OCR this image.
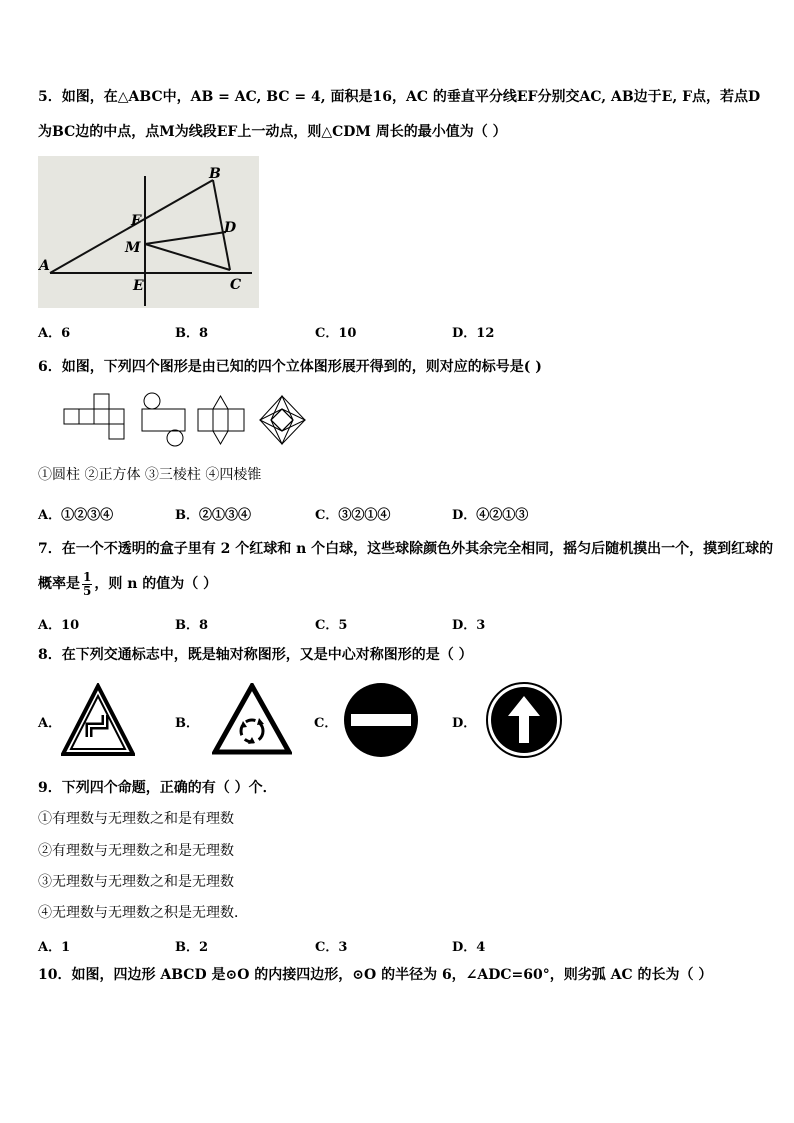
5．如图，在△ABC中，AB = AC, BC = 4, 面积是16，AC 的垂直平分线EF分别交AC, AB边于E, F点，若点D
为BC边的中点，点M为线段EF上一动点，则△CDM 周长的最小值为（ ）
A
B
C
D
E
F
M
A．6	B．8	C．10	D．12
6．如图，下列四个图形是由已知的四个立体图形展开得到的，则对应的标号是( )
①圆柱 ②正方体 ③三棱柱 ④四棱锥
A．①②③④	B．②①③④	C．③②①④	D．④②①③
7．在一个不透明的盒子里有 2 个红球和 n 个白球，这些球除颜色外其余完全相同，摇匀后随机摸出一个，摸到红球的
概率是 $\frac{1}{5}$ ，则 n 的值为（ ）
A．10	B．8	C．5	D．3
8．在下列交通标志中，既是轴对称图形，又是中心对称图形的是（ ）
A．	B．	C．	D．
9．下列四个命题，正确的有（ ）个．
①有理数与无理数之和是有理数
②有理数与无理数之和是无理数
③无理数与无理数之和是无理数
④无理数与无理数之积是无理数．
A．1	B．2	C．3	D．4
10．如图，四边形 ABCD 是⊙O 的内接四边形，⊙O 的半径为 6，∠ADC=60°，则劣弧 AC 的长为（ ）
